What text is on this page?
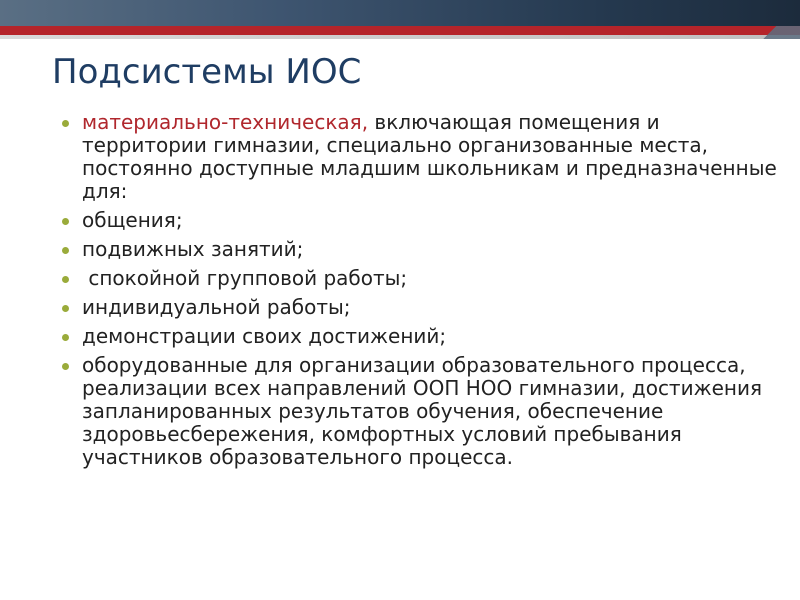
Подсистемы ИОС
материально-техническая, включающая помещения и территории гимназии, специально организованные места, постоянно доступные младшим школьникам и предназначенные для:
общения;
подвижных занятий;
спокойной групповой работы;
индивидуальной работы;
демонстрации своих достижений;
оборудованные для организации образовательного процесса, реализации всех направлений ООП НОО гимназии, достижения запланированных результатов обучения, обеспечение здоровьесбережения, комфортных условий пребывания участников образовательного процесса.
